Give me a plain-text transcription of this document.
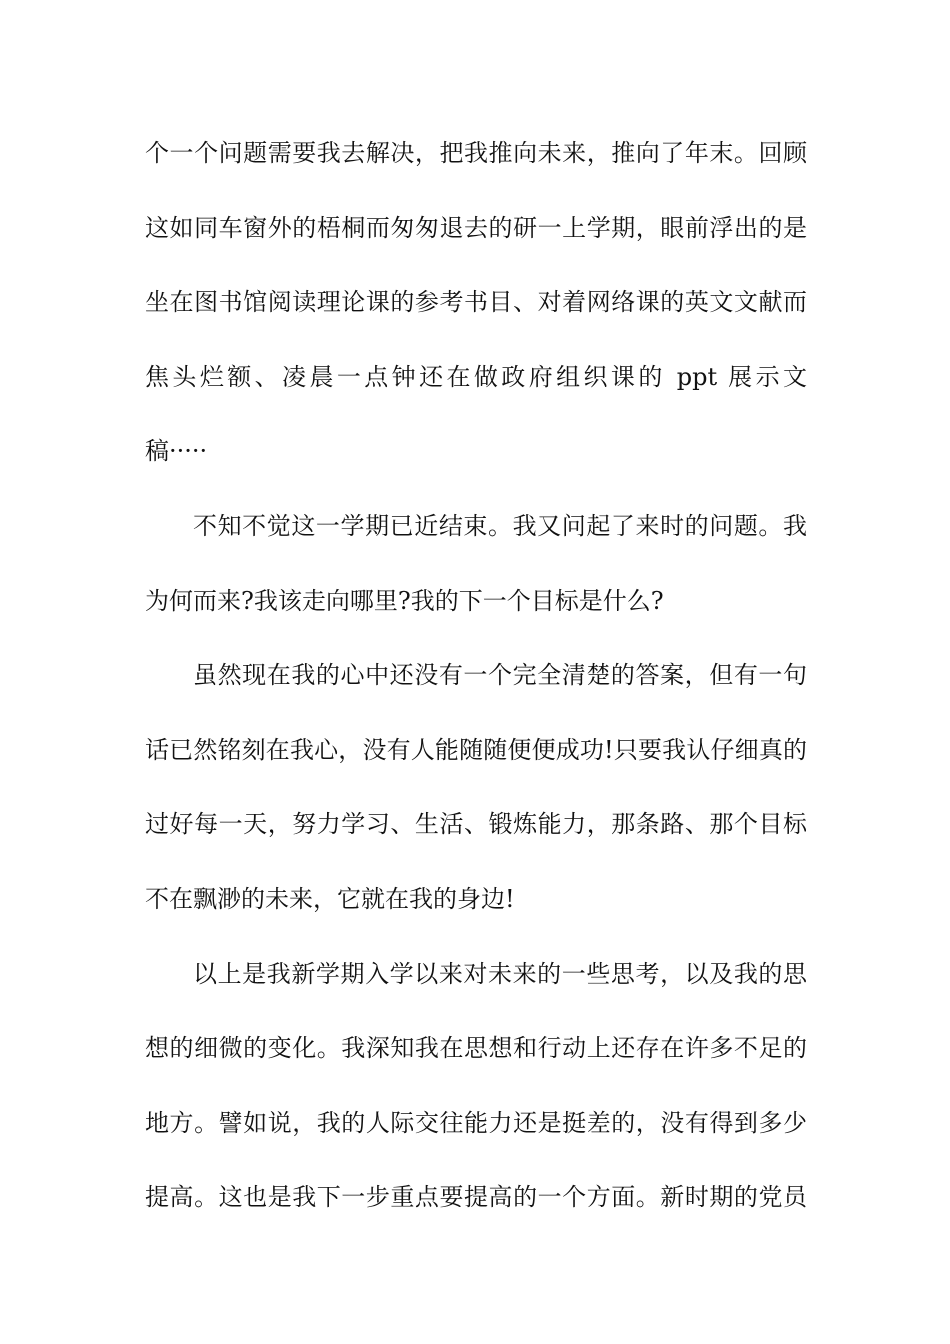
个一个问题需要我去解决，把我推向未来，推向了年末。回顾
这如同车窗外的梧桐而匆匆退去的研一上学期，眼前浮出的是
坐在图书馆阅读理论课的参考书目、对着网络课的英文文献而
焦头烂额、凌晨一点钟还在做政府组织课的 ppt 展示文
稿·····
不知不觉这一学期已近结束。我又问起了来时的问题。我
为何而来?我该走向哪里?我的下一个目标是什么?
虽然现在我的心中还没有一个完全清楚的答案，但有一句
话已然铭刻在我心，没有人能随随便便成功!只要我认仔细真的
过好每一天，努力学习、生活、锻炼能力，那条路、那个目标
不在飘渺的未来，它就在我的身边!
以上是我新学期入学以来对未来的一些思考，以及我的思
想的细微的变化。我深知我在思想和行动上还存在许多不足的
地方。譬如说，我的人际交往能力还是挺差的，没有得到多少
提高。这也是我下一步重点要提高的一个方面。新时期的党员
